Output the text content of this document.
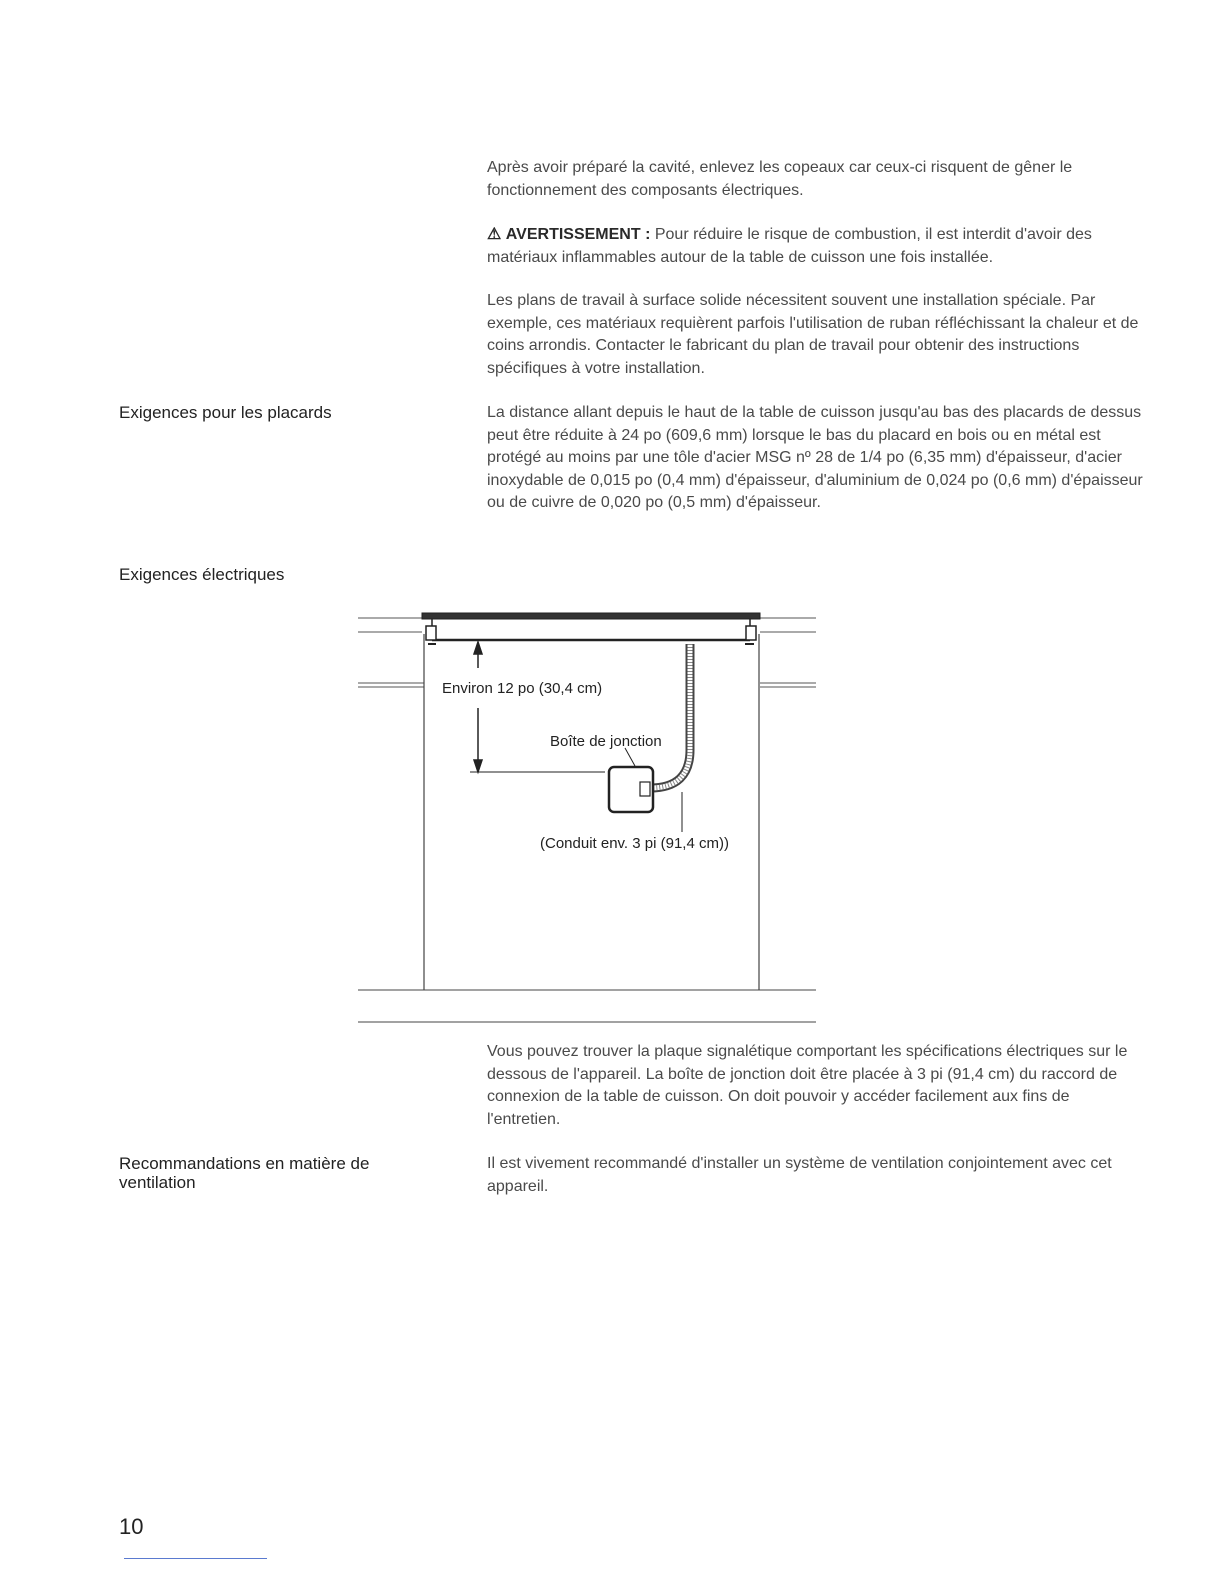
Après avoir préparé la cavité, enlevez les copeaux car ceux-ci risquent de gêner le fonctionnement des composants électriques.

⚠ AVERTISSEMENT : Pour réduire le risque de combustion, il est interdit d'avoir des matériaux inflammables autour de la table de cuisson une fois installée.

Les plans de travail à surface solide nécessitent souvent une installation spéciale. Par exemple, ces matériaux requièrent parfois l'utilisation de ruban réfléchissant la chaleur et de coins arrondis. Contacter le fabricant du plan de travail pour obtenir des instructions spécifiques à votre installation.

Exigences pour les placards	La distance allant depuis le haut de la table de cuisson jusqu'au bas des placards de dessus peut être réduite à 24 po (609,6 mm) lorsque le bas du placard en bois ou en métal est protégé au moins par une tôle d'acier MSG nº 28 de 1/4 po (6,35 mm) d'épaisseur, d'acier inoxydable de 0,015 po (0,4 mm) d'épaisseur, d'aluminium de 0,024 po (0,6 mm) d'épaisseur ou de cuivre de 0,020 po (0,5 mm) d'épaisseur.

Exigences électriques

Environ 12 po (30,4 cm)
Boîte de jonction
(Conduit env. 3 pi (91,4 cm))

Vous pouvez trouver la plaque signalétique comportant les spécifications électriques sur le dessous de l'appareil. La boîte de jonction doit être placée à 3 pi (91,4 cm) du raccord de connexion de la table de cuisson. On doit pouvoir y accéder facilement aux fins de l'entretien.

Recommandations en matière de ventilation

Il est vivement recommandé d'installer un système de ventilation conjointement avec cet appareil.

10
